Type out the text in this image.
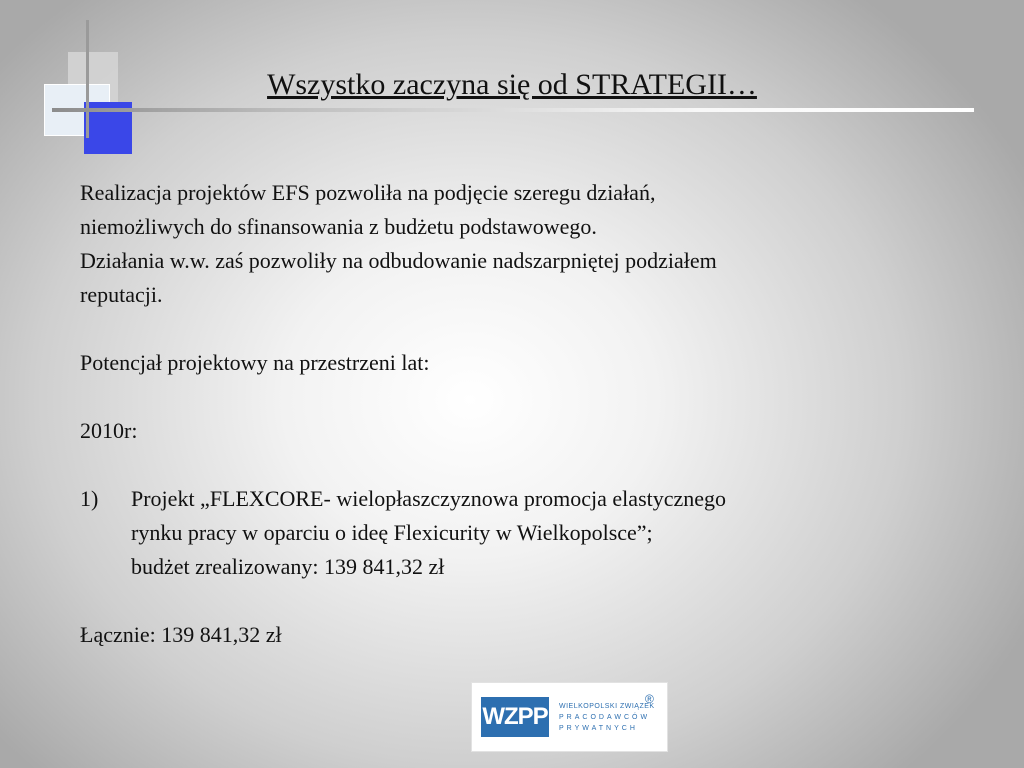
Wszystko zaczyna się od STRATEGII…

Realizacja projektów EFS pozwoliła na podjęcie szeregu działań,

niemożliwych do sfinansowania z budżetu podstawowego.

Działania w.w. zaś pozwoliły na odbudowanie nadszarpniętej podziałem

reputacji.

Potencjał projektowy na przestrzeni lat:

2010r:

1)	Projekt „FLEXCORE- wielopłaszczyznowa promocja elastycznego

rynku pracy w oparciu o ideę Flexicurity w Wielkopolsce”;

budżet zrealizowany: 139 841,32 zł

Łącznie: 139 841,32 zł

WZPP WIELKOPOLSKI ZWIĄZEK
PRACODAWCÓW
PRYWATNYCH
®
